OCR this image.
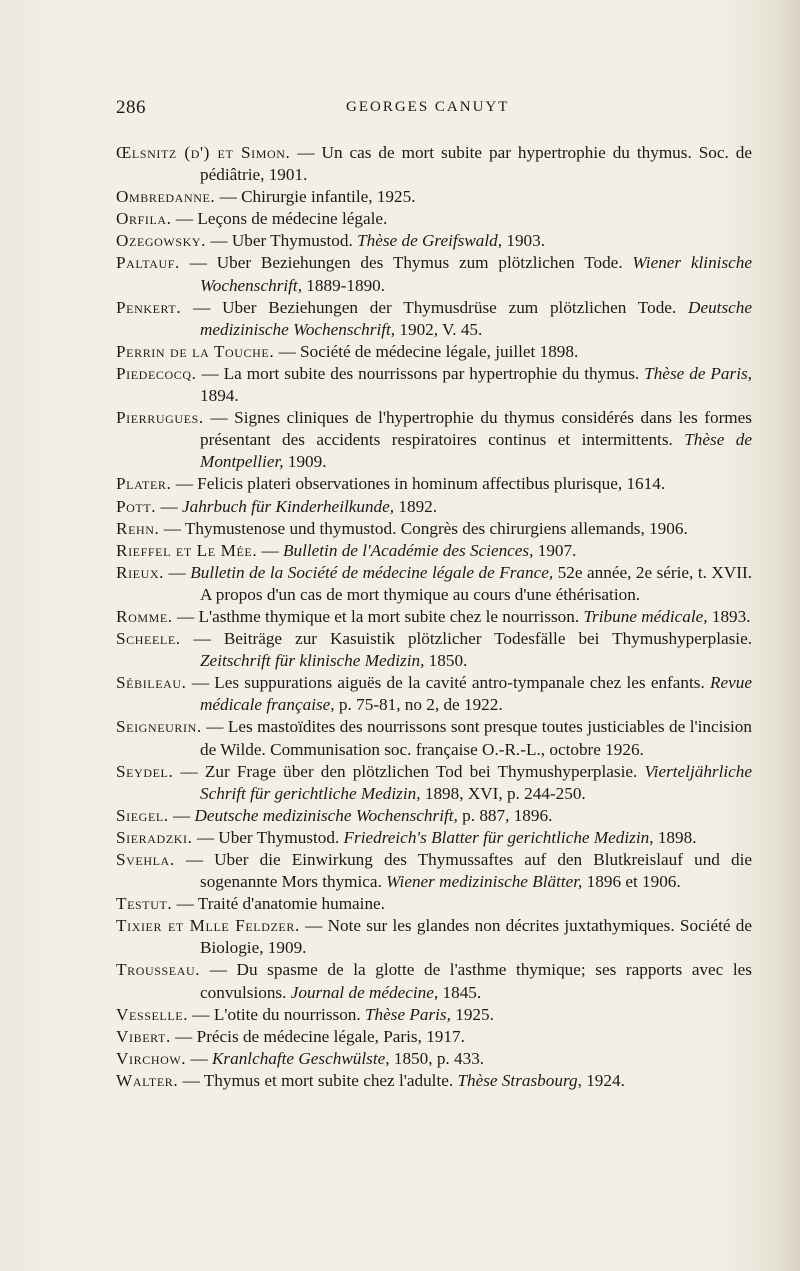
286	GEORGES CANUYT

Œlsnitz (d') et Simon. — Un cas de mort subite par hypertrophie du thymus. Soc. de pédiâtrie, 1901.

Ombredanne. — Chirurgie infantile, 1925.

Orfila. — Leçons de médecine légale.

Ozegowsky. — Uber Thymustod. Thèse de Greifswald, 1903.

Paltauf. — Uber Beziehungen des Thymus zum plötzlichen Tode. Wiener klinische Wochenschrift, 1889-1890.

Penkert. — Uber Beziehungen der Thymusdrüse zum plötzlichen Tode. Deutsche medizinische Wochenschrift, 1902, V. 45.

Perrin de la Touche. — Société de médecine légale, juillet 1898.

Piedecocq. — La mort subite des nourrissons par hypertrophie du thymus. Thèse de Paris, 1894.

Pierrugues. — Signes cliniques de l'hypertrophie du thymus considérés dans les formes présentant des accidents respiratoires continus et intermittents. Thèse de Montpellier, 1909.

Plater. — Felicis plateri observationes in hominum affectibus plurisque, 1614.

Pott. — Jahrbuch für Kinderheilkunde, 1892.

Rehn. — Thymustenose und thymustod. Congrès des chirurgiens allemands, 1906.

Rieffel et Le Mée. — Bulletin de l'Académie des Sciences, 1907.

Rieux. — Bulletin de la Société de médecine légale de France, 52e année, 2e série, t. XVII. A propos d'un cas de mort thymique au cours d'une éthérisation.

Romme. — L'asthme thymique et la mort subite chez le nourrisson. Tribune médicale, 1893.

Scheele. — Beiträge zur Kasuistik plötzlicher Todesfälle bei Thymushyperplasie. Zeitschrift für klinische Medizin, 1850.

Sébileau. — Les suppurations aiguës de la cavité antro-tympanale chez les enfants. Revue médicale française, p. 75-81, no 2, de 1922.

Seigneurin. — Les mastoïdites des nourrissons sont presque toutes justiciables de l'incision de Wilde. Communisation soc. française O.-R.-L., octobre 1926.

Seydel. — Zur Frage über den plötzlichen Tod bei Thymushyperplasie. Vierteljährliche Schrift für gerichtliche Medizin, 1898, XVI, p. 244-250.

Siegel. — Deutsche medizinische Wochenschrift, p. 887, 1896.

Sieradzki. — Uber Thymustod. Friedreich's Blatter für gerichtliche Medizin, 1898.

Svehla. — Uber die Einwirkung des Thymussaftes auf den Blutkreislauf und die sogenannte Mors thymica. Wiener medizinische Blätter, 1896 et 1906.

Testut. — Traité d'anatomie humaine.

Tixier et Mlle Feldzer. — Note sur les glandes non décrites juxtathymiques. Société de Biologie, 1909.

Trousseau. — Du spasme de la glotte de l'asthme thymique; ses rapports avec les convulsions. Journal de médecine, 1845.

Vesselle. — L'otite du nourrisson. Thèse Paris, 1925.

Vibert. — Précis de médecine légale, Paris, 1917.

Virchow. — Kranlchafte Geschwülste, 1850, p. 433.

Walter. — Thymus et mort subite chez l'adulte. Thèse Strasbourg, 1924.
